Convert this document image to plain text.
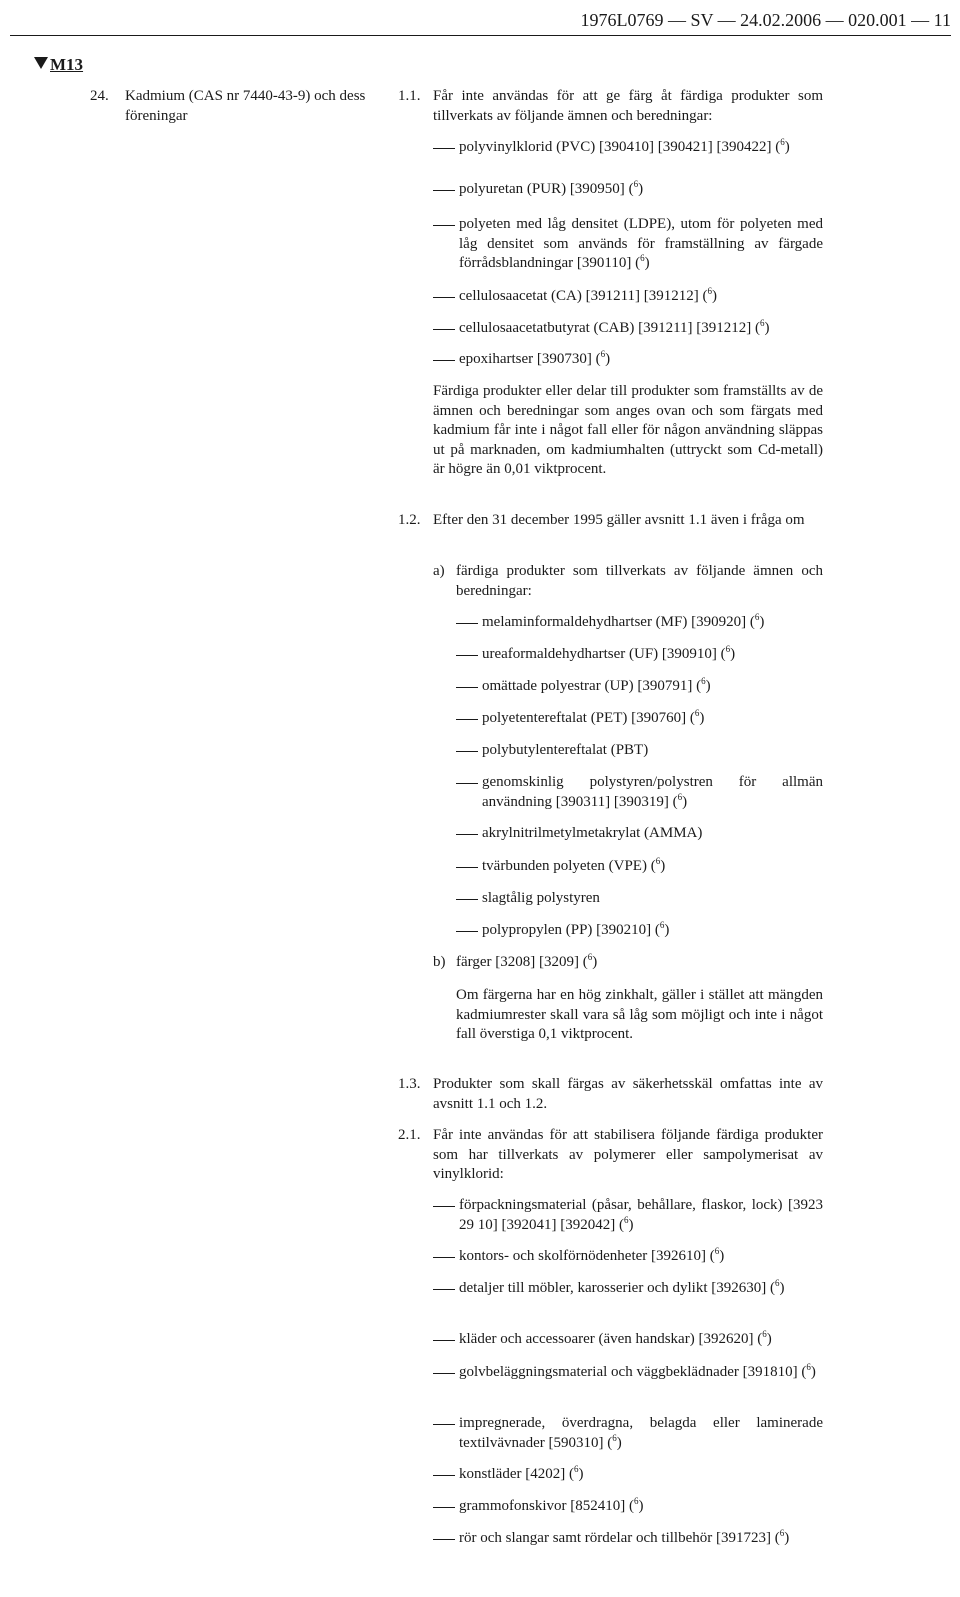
1976L0769 — SV — 24.02.2006 — 020.001 — 11
M13
24. Kadmium (CAS nr 7440-43-9) och dess föreningar
1.1. Får inte användas för att ge färg åt färdiga produkter som tillverkats av följande ämnen och beredningar:
polyvinylklorid (PVC) [390410] [390421] [390422] ($^6$)
polyuretan (PUR) [390950] ($^6$)
polyeten med låg densitet (LDPE), utom för polyeten med låg densitet som används för framställning av färgade förrådsblandningar [390110] ($^6$)
cellulosaacetat (CA) [391211] [391212] ($^6$)
cellulosaacetatbutyrat (CAB) [391211] [391212] ($^6$)
epoxihartser [390730] ($^6$)
Färdiga produkter eller delar till produkter som framställts av de ämnen och beredningar som anges ovan och som färgats med kadmium får inte i något fall eller för någon användning släppas ut på marknaden, om kadmiumhalten (uttryckt som Cd-metall) är högre än 0,01 viktprocent.
1.2. Efter den 31 december 1995 gäller avsnitt 1.1 även i fråga om
a) färdiga produkter som tillverkats av följande ämnen och beredningar:
melaminformaldehydhartser (MF) [390920] ($^6$)
ureaformaldehydhartser (UF) [390910] ($^6$)
omättade polyestrar (UP) [390791] ($^6$)
polyetentereftalat (PET) [390760] ($^6$)
polybutylentereftalat (PBT)
genomskinlig polystyren/polystren för allmän användning [390311] [390319] ($^6$)
akrylnitrilmetylmetakrylat (AMMA)
tvärbunden polyeten (VPE) ($^6$)
slagtålig polystyren
polypropylen (PP) [390210] ($^6$)
b) färger [3208] [3209] ($^6$)
Om färgerna har en hög zinkhalt, gäller i stället att mängden kadmiumrester skall vara så låg som möjligt och inte i något fall överstiga 0,1 viktprocent.
1.3. Produkter som skall färgas av säkerhetsskäl omfattas inte av avsnitt 1.1 och 1.2.
2.1. Får inte användas för att stabilisera följande färdiga produkter som har tillverkats av polymerer eller sampolymerisat av vinylklorid:
förpackningsmaterial (påsar, behållare, flaskor, lock) [3923 29 10] [392041] [392042] ($^6$)
kontors- och skolförnödenheter [392610] ($^6$)
detaljer till möbler, karosserier och dylikt [392630] ($^6$)
kläder och accessoarer (även handskar) [392620] ($^6$)
golvbeläggningsmaterial och väggbeklädnader [391810] ($^6$)
impregnerade, överdragna, belagda eller laminerade textilvävnader [590310] ($^6$)
konstläder [4202] ($^6$)
grammofonskivor [852410] ($^6$)
rör och slangar samt rördelar och tillbehör [391723] ($^6$)
